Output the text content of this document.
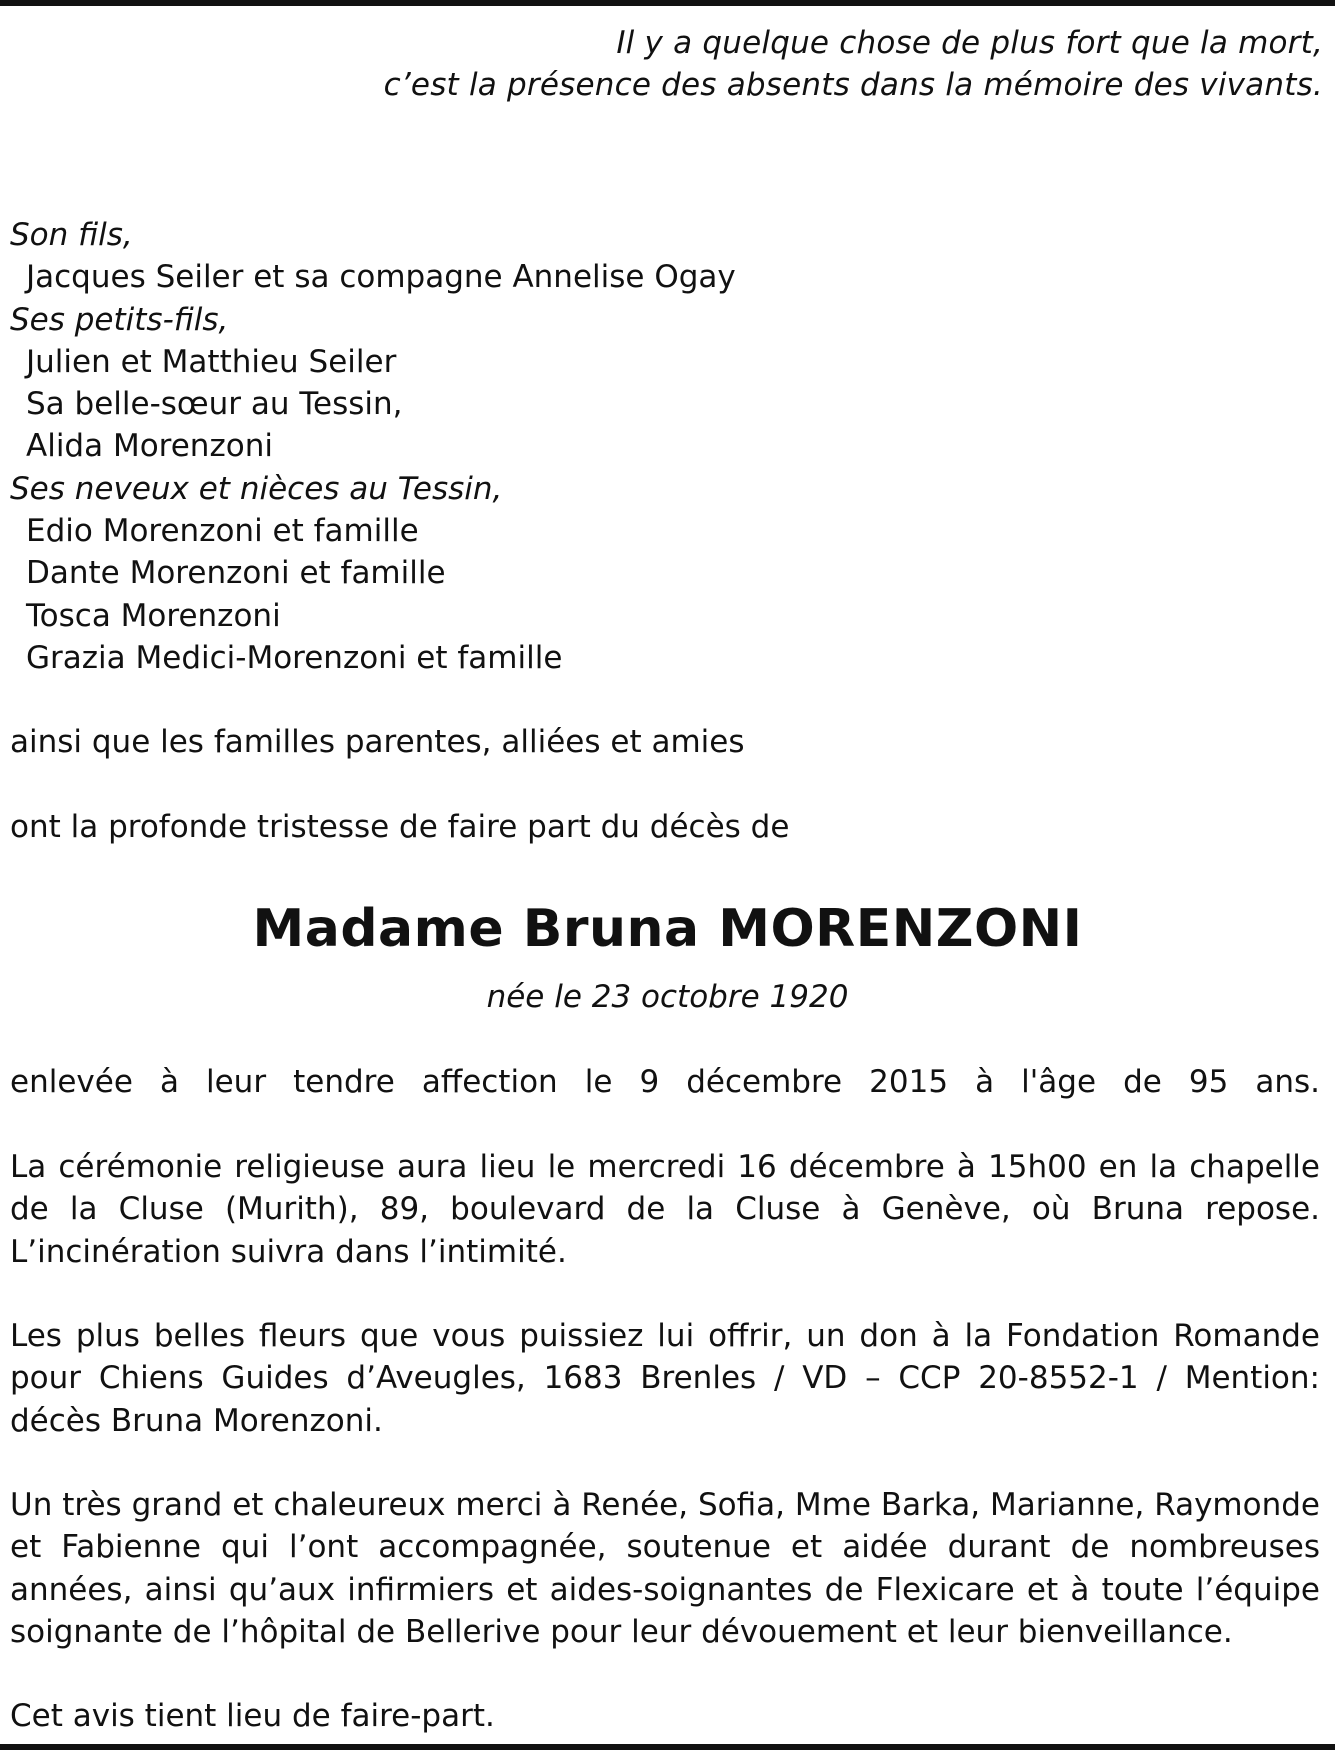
Il y a quelque chose de plus fort que la mort,
c’est la présence des absents dans la mémoire des vivants.
Son fils,
Jacques Seiler et sa compagne Annelise Ogay
Ses petits-fils,
Julien et Matthieu Seiler
Sa belle-sœur au Tessin,
Alida Morenzoni
Ses neveux et nièces au Tessin,
Edio Morenzoni et famille
Dante Morenzoni et famille
Tosca Morenzoni
Grazia Medici-Morenzoni et famille
ainsi que les familles parentes, alliées et amies
ont la profonde tristesse de faire part du décès de
Madame Bruna MORENZONI
née le 23 octobre 1920
enlevée à leur tendre affection le 9 décembre 2015 à l'âge de 95 ans.
La cérémonie religieuse aura lieu le mercredi 16 décembre à 15h00 en la chapelle de la Cluse (Murith), 89, boulevard de la Cluse à Genève, où Bruna repose. L’incinération suivra dans l’intimité.
Les plus belles fleurs que vous puissiez lui offrir, un don à la Fondation Romande pour Chiens Guides d’Aveugles, 1683 Brenles / VD – CCP 20-8552-1 / Mention: décès Bruna Morenzoni.
Un très grand et chaleureux merci à Renée, Sofia, Mme Barka, Marianne, Raymonde et Fabienne qui l’ont accompagnée, soutenue et aidée durant de nombreuses années, ainsi qu’aux infirmiers et aides-soignantes de Flexicare et à toute l’équipe soignante de l’hôpital de Bellerive pour leur dévouement et leur bienveillance.
Cet avis tient lieu de faire-part.
